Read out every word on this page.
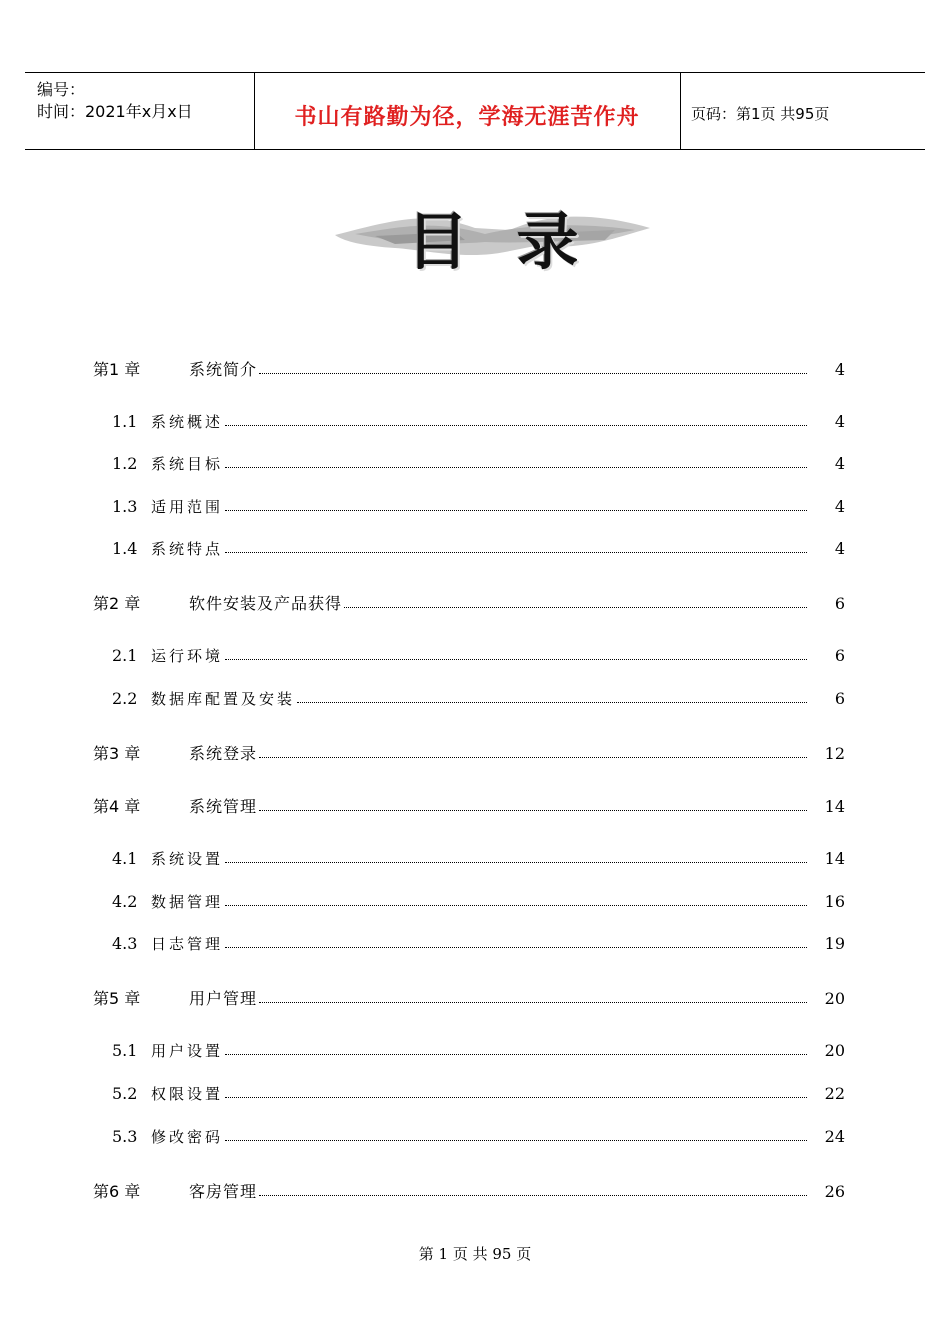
编号：
时间：2021年x月x日	书山有路勤为径，学海无涯苦作舟	页码：第1页 共95页
目录
第1 章	系统简介	4
1.1 系统概述	4
1.2 系统目标	4
1.3 适用范围	4
1.4 系统特点	4
第2 章	软件安装及产品获得	6
2.1 运行环境	6
2.2 数据库配置及安装	6
第3 章	系统登录	12
第4 章	系统管理	14
4.1 系统设置	14
4.2 数据管理	16
4.3 日志管理	19
第5 章	用户管理	20
5.1 用户设置	20
5.2 权限设置	22
5.3 修改密码	24
第6 章	客房管理	26
第 1 页 共 95 页
